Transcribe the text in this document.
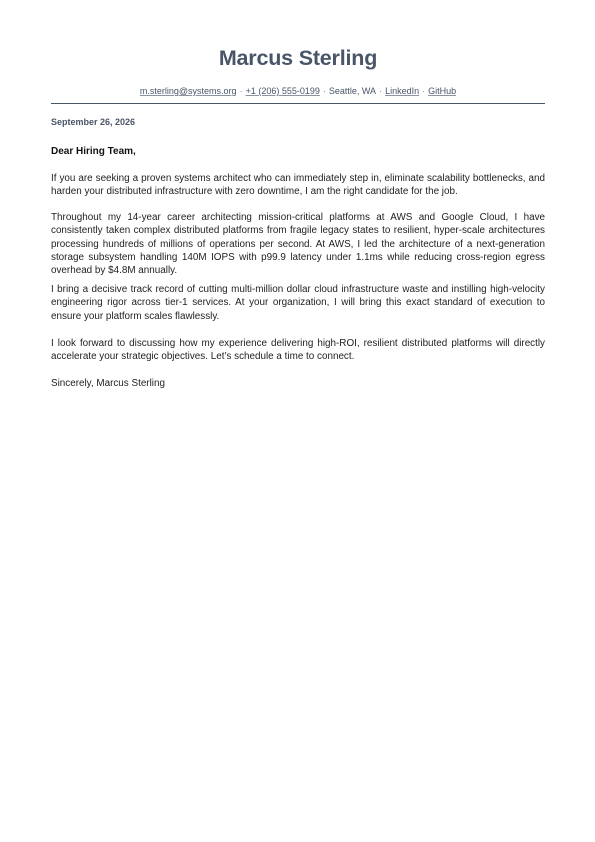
Marcus Sterling
m.sterling@systems.org · +1 (206) 555-0199 · Seattle, WA · LinkedIn · GitHub
September 26, 2026
Dear Hiring Team,

If you are seeking a proven systems architect who can immediately step in, eliminate scalability bottlenecks, and harden your distributed infrastructure with zero downtime, I am the right candidate for the job.

Throughout my 14-year career architecting mission-critical platforms at AWS and Google Cloud, I have consistently taken complex distributed platforms from fragile legacy states to resilient, hyper-scale architectures processing hundreds of millions of operations per second. At AWS, I led the architecture of a next-generation storage subsystem handling 140M IOPS with p99.9 latency under 1.1ms while reducing cross-region egress overhead by $4.8M annually.

I bring a decisive track record of cutting multi-million dollar cloud infrastructure waste and instilling high-velocity engineering rigor across tier-1 services. At your organization, I will bring this exact standard of execution to ensure your platform scales flawlessly.

I look forward to discussing how my experience delivering high-ROI, resilient distributed platforms will directly accelerate your strategic objectives. Let’s schedule a time to connect.

Sincerely, Marcus Sterling
